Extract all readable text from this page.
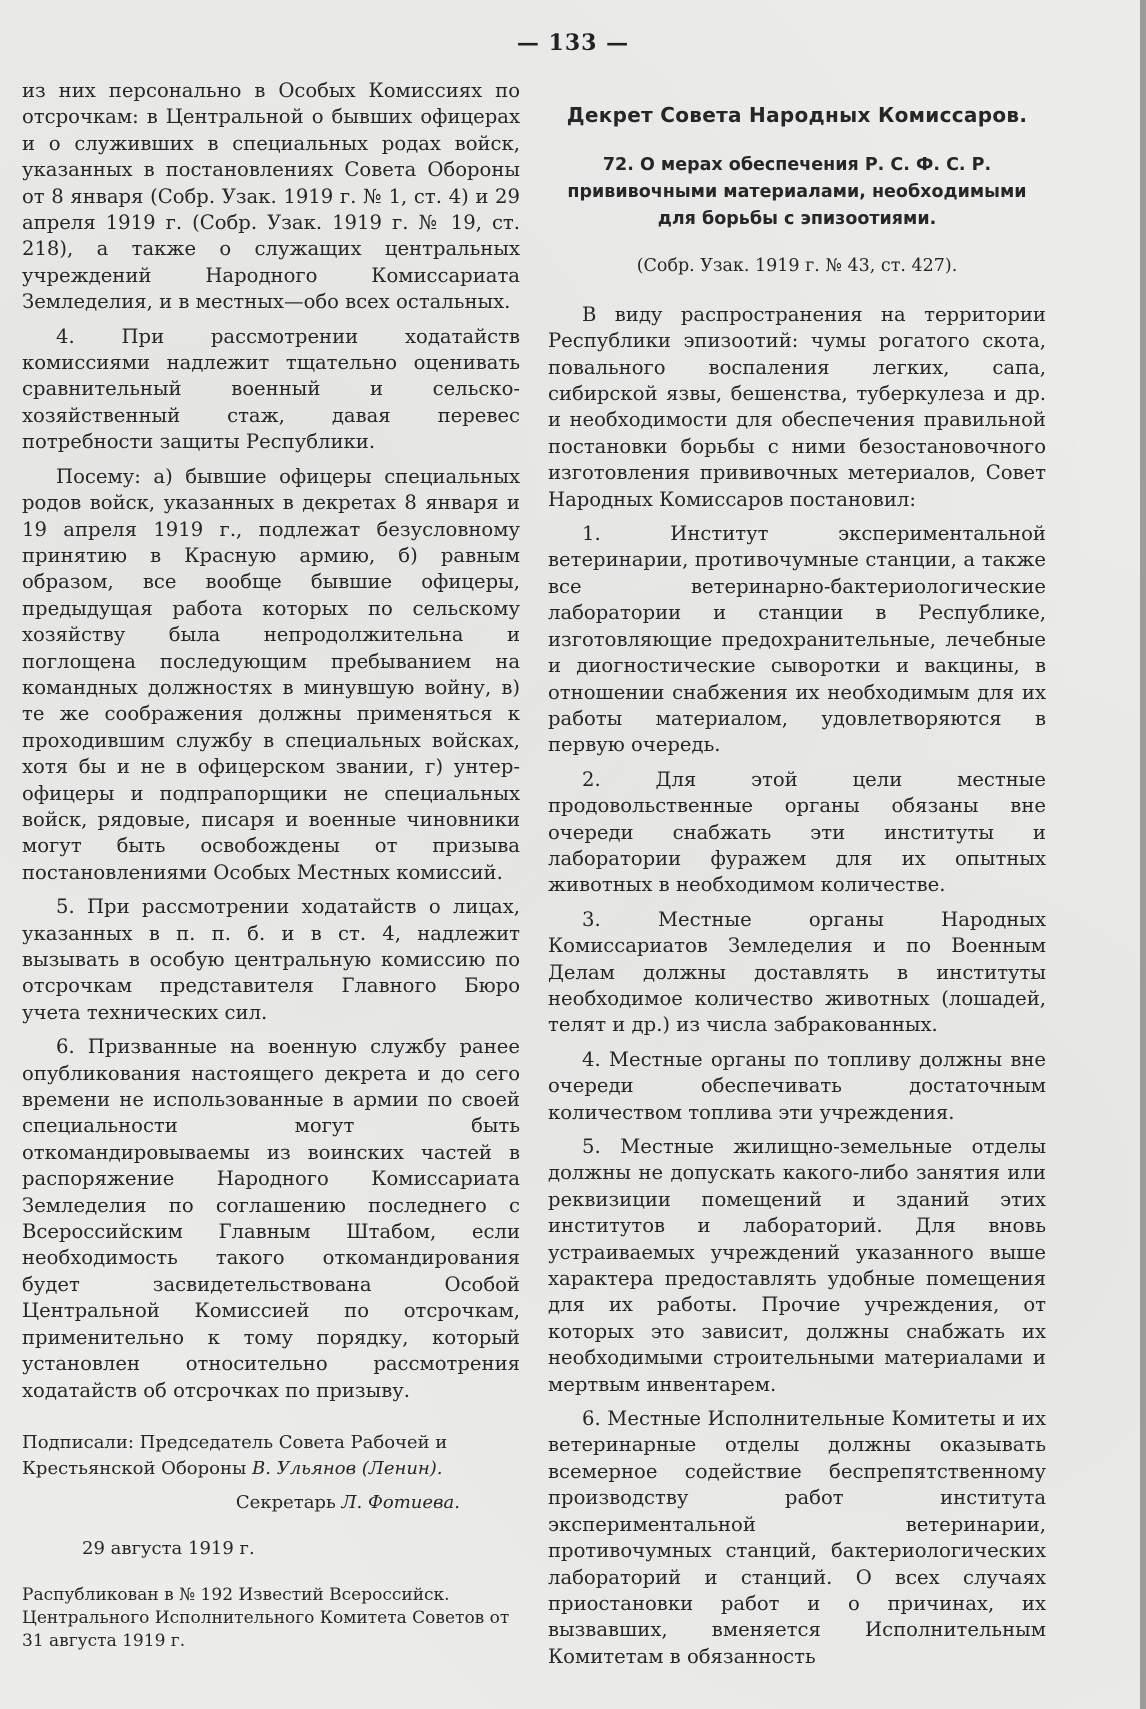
— 133 —

из них персонально в Особых Комиссиях по отсрочкам: в Центральной о бывших офицерах и о служивших в специальных родах войск, указанных в постановлениях Совета Обороны от 8 января (Собр. Узак. 1919 г. № 1, ст. 4) и 29 апреля 1919 г. (Собр. Узак. 1919 г. № 19, ст. 218), а также о служащих центральных учреждений Народного Комиссариата Земледелия, и в местных—обо всех остальных.

4. При рассмотрении ходатайств комиссиями надлежит тщательно оценивать сравнительный военный и сельско-хозяйственный стаж, давая перевес потребности защиты Республики.

Посему: а) бывшие офицеры специальных родов войск, указанных в декретах 8 января и 19 апреля 1919 г., подлежат безусловному принятию в Красную армию, б) равным образом, все вообще бывшие офицеры, предыдущая работа которых по сельскому хозяйству была непродолжительна и поглощена последующим пребыванием на командных должностях в минувшую войну, в) те же соображения должны применяться к проходившим службу в специальных войсках, хотя бы и не в офицерском звании, г) унтер-офицеры и подпрапорщики не специальных войск, рядовые, писаря и военные чиновники могут быть освобождены от призыва постановлениями Особых Местных комиссий.

5. При рассмотрении ходатайств о лицах, указанных в п. п. б. и в ст. 4, надлежит вызывать в особую центральную комиссию по отсрочкам представителя Главного Бюро учета технических сил.

6. Призванные на военную службу ранее опубликования настоящего декрета и до сего времени не использованные в армии по своей специальности могут быть откомандировываемы из воинских частей в распоряжение Народного Комиссариата Земледелия по соглашению последнего с Всероссийским Главным Штабом, если необходимость такого откомандирования будет засвидетельствована Особой Центральной Комиссией по отсрочкам, применительно к тому порядку, который установлен относительно рассмотрения ходатайств об отсрочках по призыву.

Подписали: Председатель Совета Рабочей и Крестьянской Обороны В. Ульянов (Ленин).

Секретарь Л. Фотиева.

29 августа 1919 г.
Распубликован в № 192 Известий Всероссийск. Центрального Исполнительного Комитета Советов от 31 августа 1919 г.
Декрет Совета Народных Комиссаров.
72. О мерах обеспечения Р. С. Ф. С. Р. прививочными материалами, необходимыми для борьбы с эпизоотиями.
(Собр. Узак. 1919 г. № 43, ст. 427).

В виду распространения на территории Республики эпизоотий: чумы рогатого скота, повального воспаления легких, сапа, сибирской язвы, бешенства, туберкулеза и др. и необходимости для обеспечения правильной постановки борьбы с ними безостановочного изготовления прививочных метериалов, Совет Народных Комиссаров постановил:

1. Институт экспериментальной ветеринарии, противочумные станции, а также все ветеринарно-бактериологические лаборатории и станции в Республике, изготовляющие предохранительные, лечебные и диогностические сыворотки и вакцины, в отношении снабжения их необходимым для их работы материалом, удовлетворяются в первую очередь.

2. Для этой цели местные продовольственные органы обязаны вне очереди снабжать эти институты и лаборатории фуражем для их опытных животных в необходимом количестве.

3. Местные органы Народных Комиссариатов Земледелия и по Военным Делам должны доставлять в институты необходимое количество животных (лошадей, телят и др.) из числа забракованных.

4. Местные органы по топливу должны вне очереди обеспечивать достаточным количеством топлива эти учреждения.

5. Местные жилищно-земельные отделы должны не допускать какого-либо занятия или реквизиции помещений и зданий этих институтов и лабораторий. Для вновь устраиваемых учреждений указанного выше характера предоставлять удобные помещения для их работы. Прочие учреждения, от которых это зависит, должны снабжать их необходимыми строительными материалами и мертвым инвентарем.

6. Местные Исполнительные Комитеты и их ветеринарные отделы должны оказывать всемерное содействие беспрепятственному производству работ института экспериментальной ветеринарии, противочумных станций, бактериологических лабораторий и станций. О всех случаях приостановки работ и о причинах, их вызвавших, вменяется Исполнительным Комитетам в обязанность
